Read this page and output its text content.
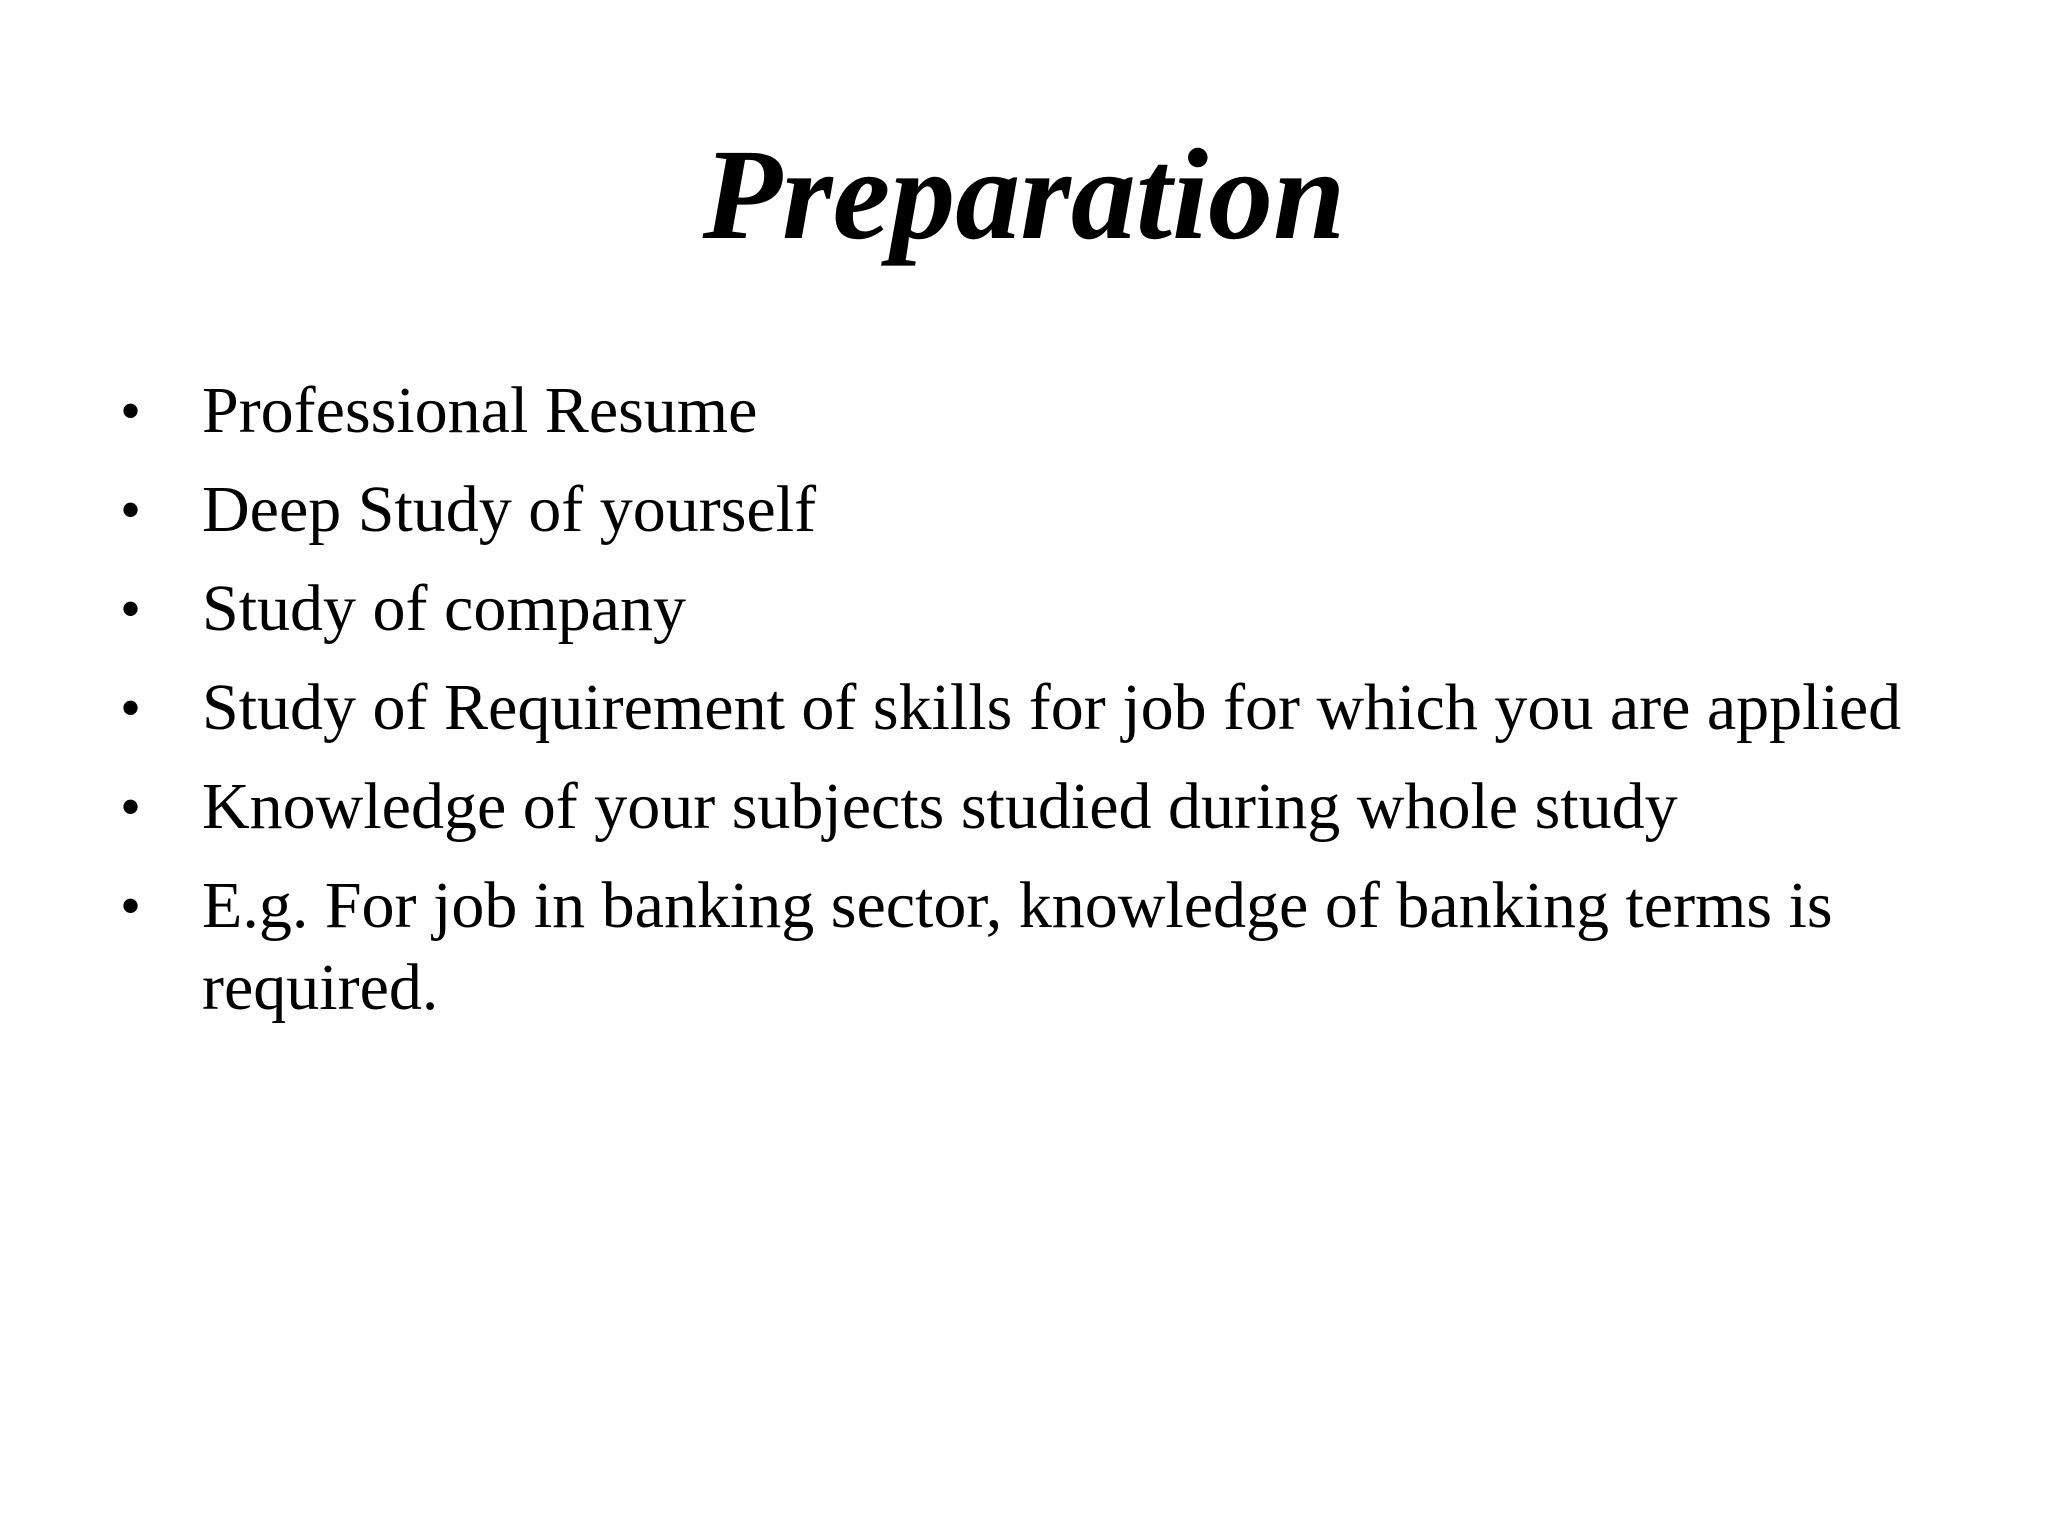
Preparation
• Professional Resume
• Deep Study of yourself
• Study of company
• Study of Requirement of skills for job for which you are applied
• Knowledge of your subjects studied during whole study
• E.g. For job in banking sector, knowledge of banking terms is required.
